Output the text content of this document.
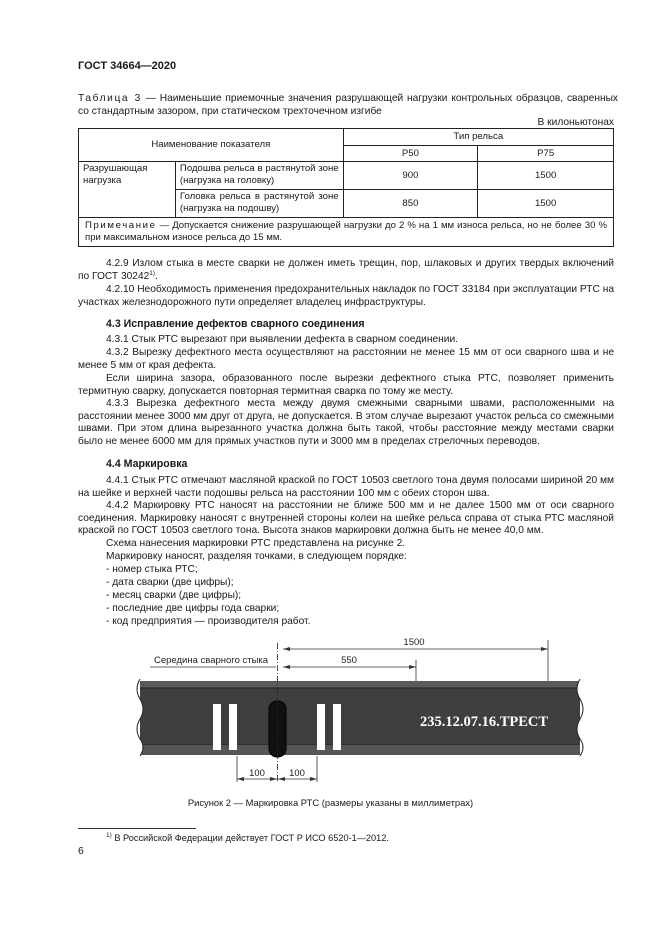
ГОСТ 34664—2020
Таблица 3 — Наименьшие приемочные значения разрушающей нагрузки контрольных образцов, сваренных со стандартным зазором, при статическом трехточечном изгибе
В килоньютонах
Наименование показателя		Тип рельса	
		Р50	Р75
Разрушающая нагрузка	Подошва рельса в растянутой зоне (нагрузка на головку)	900	1500
	Головка рельса в растянутой зоне (нагрузка на подошву)	850	1500
Примечание — Допускается снижение разрушающей нагрузки до 2 % на 1 мм износа рельса, но не более 30 % при максимальном износе рельса до 15 мм.			
4.2.9 Излом стыка в месте сварки не должен иметь трещин, пор, шлаковых и других твердых включений по ГОСТ 30242$^{1)}$.
4.2.10 Необходимость применения предохранительных накладок по ГОСТ 33184 при эксплуатации РТС на участках железнодорожного пути определяет владелец инфраструктуры.
4.3 Исправление дефектов сварного соединения
4.3.1 Стык РТС вырезают при выявлении дефекта в сварном соединении.
4.3.2 Вырезку дефектного места осуществляют на расстоянии не менее 15 мм от оси сварного шва и не менее 5 мм от края дефекта.
Если ширина зазора, образованного после вырезки дефектного стыка РТС, позволяет применить термитную сварку, допускается повторная термитная сварка по тому же месту.
4.3.3 Вырезка дефектного места между двумя смежными сварными швами, расположенными на расстоянии менее 3000 мм друг от друга, не допускается. В этом случае вырезают участок рельса со смежными швами. При этом длина вырезанного участка должна быть такой, чтобы расстояние между местами сварки было не менее 6000 мм для прямых участков пути и 3000 мм в пределах стрелочных переводов.
4.4 Маркировка
4.4.1 Стык РТС отмечают масляной краской по ГОСТ 10503 светлого тона двумя полосами шириной 20 мм на шейке и верхней части подошвы рельса на расстоянии 100 мм с обеих сторон шва.
4.4.2 Маркировку РТС наносят на расстоянии не ближе 500 мм и не далее 1500 мм от оси сварного соединения. Маркировку наносят с внутренней стороны колеи на шейке рельса справа от стыка РТС масляной краской по ГОСТ 10503 светлого тона. Высота знаков маркировки должна быть не менее 40,0 мм.
Схема нанесения маркировки РТС представлена на рисунке 2.
Маркировку наносят, разделяя точками, в следующем порядке:
- номер стыка РТС;
- дата сварки (две цифры);
- месяц сварки (две цифры);
- последние две цифры года сварки;
- код предприятия — производителя работ.
1500
550
Середина сварного стыка
235.12.07.16.ТРЕСТ
100	100
Рисунок 2 — Маркировка РТС (размеры указаны в миллиметрах)
$^{1)}$ В Российской Федерации действует ГОСТ Р ИСО 6520-1—2012.
6
